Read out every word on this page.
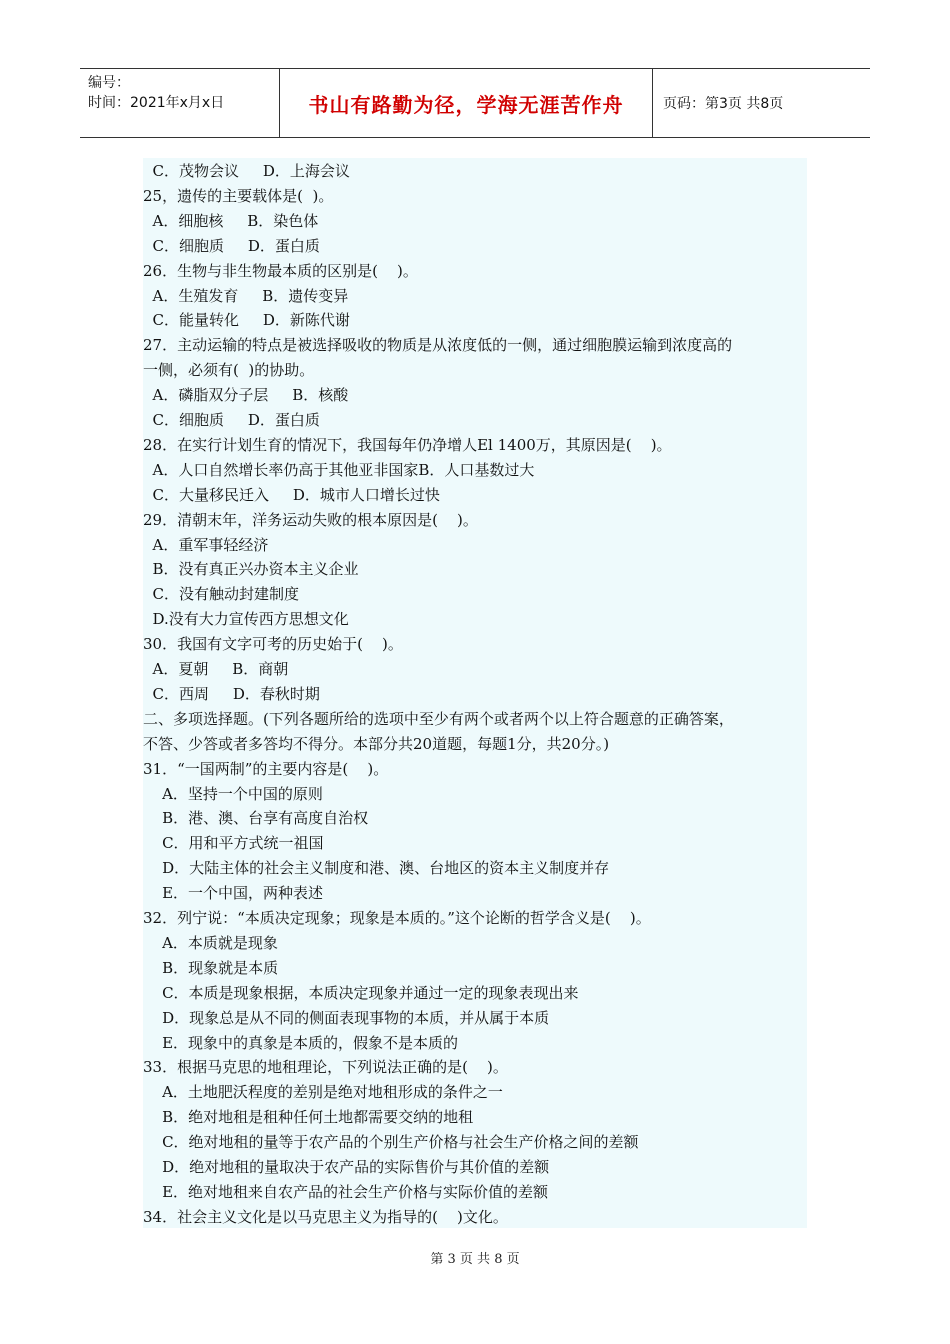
编号：
时间：2021年x月x日	书山有路勤为径，学海无涯苦作舟	页码：第3页 共8页
C．茂物会议     D．上海会议
25，遗传的主要载体是(  )。
A．细胞核     B．染色体
C．细胞质     D．蛋白质
26．生物与非生物最本质的区别是(    )。
A．生殖发育     B．遗传变异
C．能量转化     D．新陈代谢
27．主动运输的特点是被选择吸收的物质是从浓度低的一侧，通过细胞膜运输到浓度高的
一侧，必须有(  )的协助。
A．磷脂双分子层     B．核酸
C．细胞质     D．蛋白质
28．在实行计划生育的情况下，我国每年仍净增人El 1400万，其原因是(    )。
A．人口自然增长率仍高于其他亚非国家B．人口基数过大
C．大量移民迁入     D．城市人口增长过快
29．清朝末年，洋务运动失败的根本原因是(    )。
A．重军事轻经济
B．没有真正兴办资本主义企业
C．没有触动封建制度
D.没有大力宣传西方思想文化
30．我国有文字可考的历史始于(    )。
A．夏朝     B．商朝
C．西周     D．春秋时期
二、多项选择题。(下列各题所给的选项中至少有两个或者两个以上符合题意的正确答案，
不答、少答或者多答均不得分。本部分共20道题，每题1分，共20分。)
31．“一国两制”的主要内容是(    )。
A．坚持一个中国的原则
B．港、澳、台享有高度自治权
C．用和平方式统一祖国
D．大陆主体的社会主义制度和港、澳、台地区的资本主义制度并存
E．一个中国，两种表述
32．列宁说：“本质决定现象；现象是本质的。”这个论断的哲学含义是(    )。
A．本质就是现象
B．现象就是本质
C．本质是现象根据，本质决定现象并通过一定的现象表现出来
D．现象总是从不同的侧面表现事物的本质，并从属于本质
E．现象中的真象是本质的，假象不是本质的
33．根据马克思的地租理论，下列说法正确的是(    )。
A．土地肥沃程度的差别是绝对地租形成的条件之一
B．绝对地租是租种任何土地都需要交纳的地租
C．绝对地租的量等于农产品的个别生产价格与社会生产价格之间的差额
D．绝对地租的量取决于农产品的实际售价与其价值的差额
E．绝对地租来自农产品的社会生产价格与实际价值的差额
34．社会主义文化是以马克思主义为指导的(    )文化。
第 3 页 共 8 页
